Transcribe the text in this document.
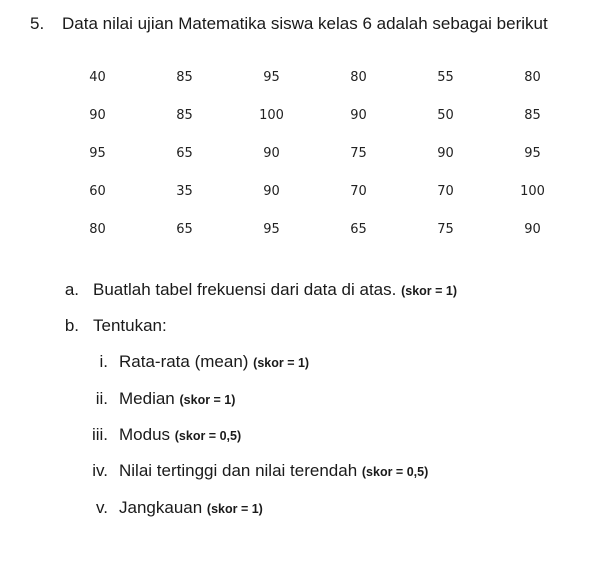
5. Data nilai ujian Matematika siswa kelas 6 adalah sebagai berikut
40	85	95	80	55	80
90	85	100	90	50	85
95	65	90	75	90	95
60	35	90	70	70	100
80	65	95	65	75	90
a. Buatlah tabel frekuensi dari data di atas. (skor = 1)
b. Tentukan:
i. Rata-rata (mean) (skor = 1)
ii. Median (skor = 1)
iii. Modus (skor = 0,5)
iv. Nilai tertinggi dan nilai terendah (skor = 0,5)
v. Jangkauan (skor = 1)
